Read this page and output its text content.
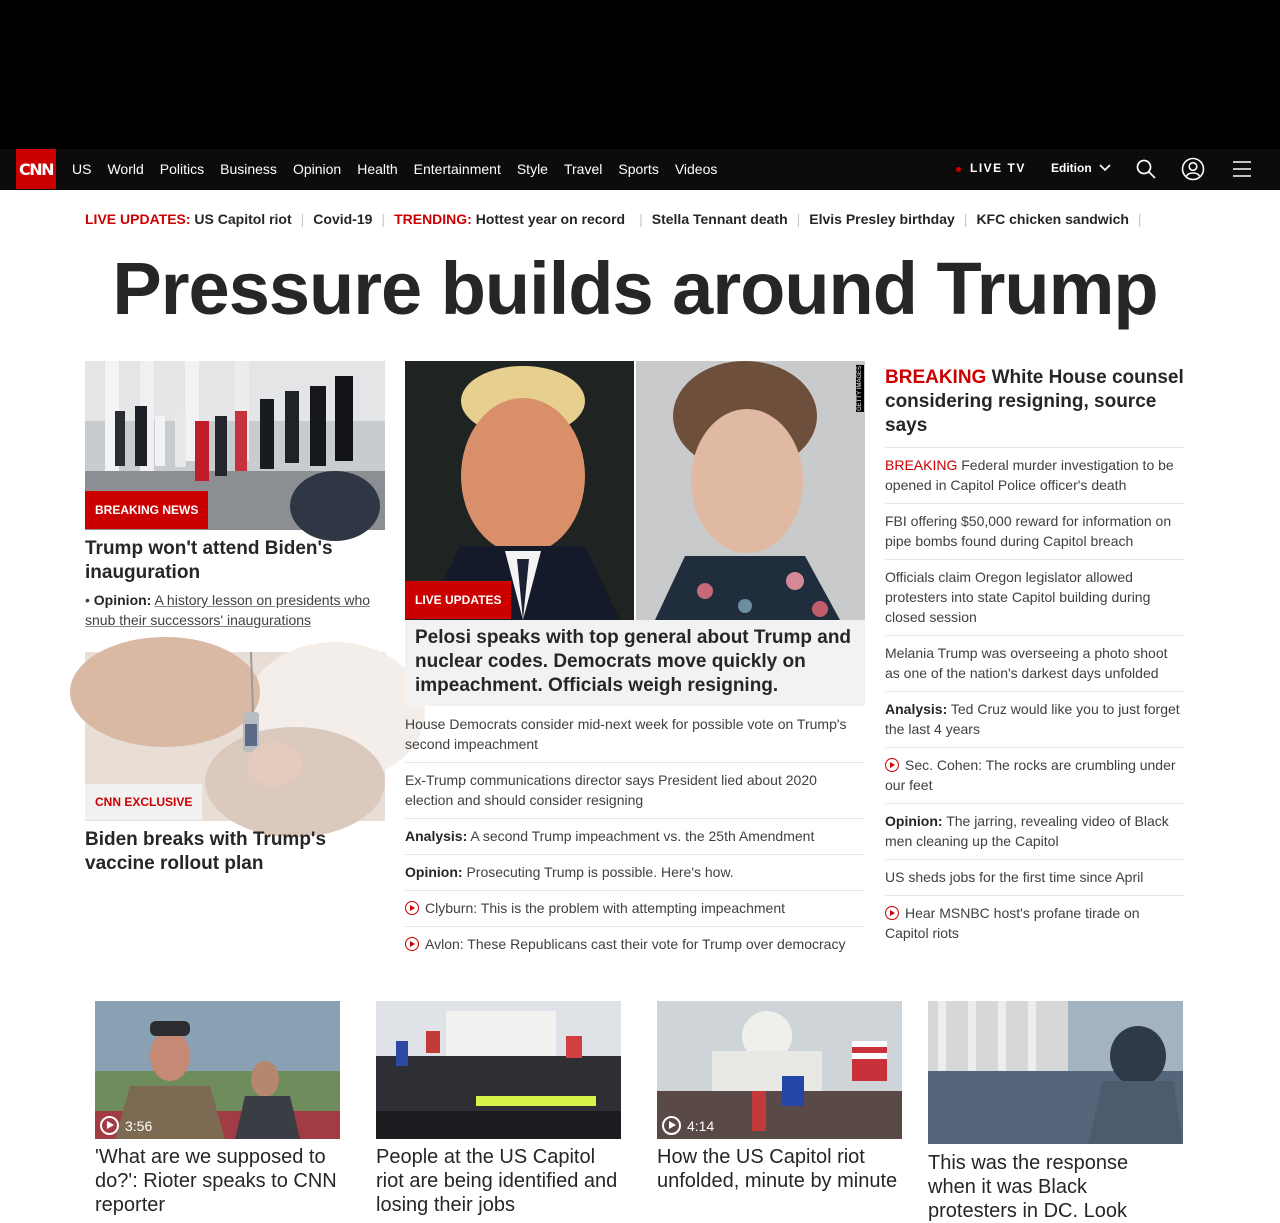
CNN	US	World	Politics	Business	Opinion	Health	Entertainment	Style	Travel	Sports	Videos	LIVE TV Edition
LIVE UPDATES:
US Capitol riot | Covid-19 | TRENDING:
Hottest year on record | Stella Tennant death | Elvis Presley birthday | KFC chicken sandwich |
Pressure builds around Trump
BREAKING NEWS
Trump won't attend Biden's inauguration
• Opinion: A history lesson on presidents who snub their successors' inaugurations
CNN EXCLUSIVE
Biden breaks with Trump's vaccine rollout plan
GETTY IMAGES
LIVE UPDATES
Pelosi speaks with top general about Trump and nuclear codes. Democrats move quickly on impeachment. Officials weigh resigning.
House Democrats consider mid-next week for possible vote on Trump's second impeachment
Ex-Trump communications director says President lied about 2020 election and should consider resigning
Analysis: A second Trump impeachment vs. the 25th Amendment
Opinion: Prosecuting Trump is possible. Here's how.
Clyburn: This is the problem with attempting impeachment
Avlon: These Republicans cast their vote for Trump over democracy
BREAKING White House counsel considering resigning, source says
BREAKING Federal murder investigation to be opened in Capitol Police officer's death
FBI offering $50,000 reward for information on pipe bombs found during Capitol breach
Officials claim Oregon legislator allowed protesters into state Capitol building during closed session
Melania Trump was overseeing a photo shoot as one of the nation's darkest days unfolded
Analysis: Ted Cruz would like you to just forget the last 4 years
Sec. Cohen: The rocks are crumbling under our feet
Opinion: The jarring, revealing video of Black men cleaning up the Capitol
US sheds jobs for the first time since April
Hear MSNBC host's profane tirade on Capitol riots
3:56
'What are we supposed to do?': Rioter speaks to CNN reporter
People at the US Capitol riot are being identified and losing their jobs
4:14
How the US Capitol riot unfolded, minute by minute
This was the response when it was Black protesters in DC. Look
